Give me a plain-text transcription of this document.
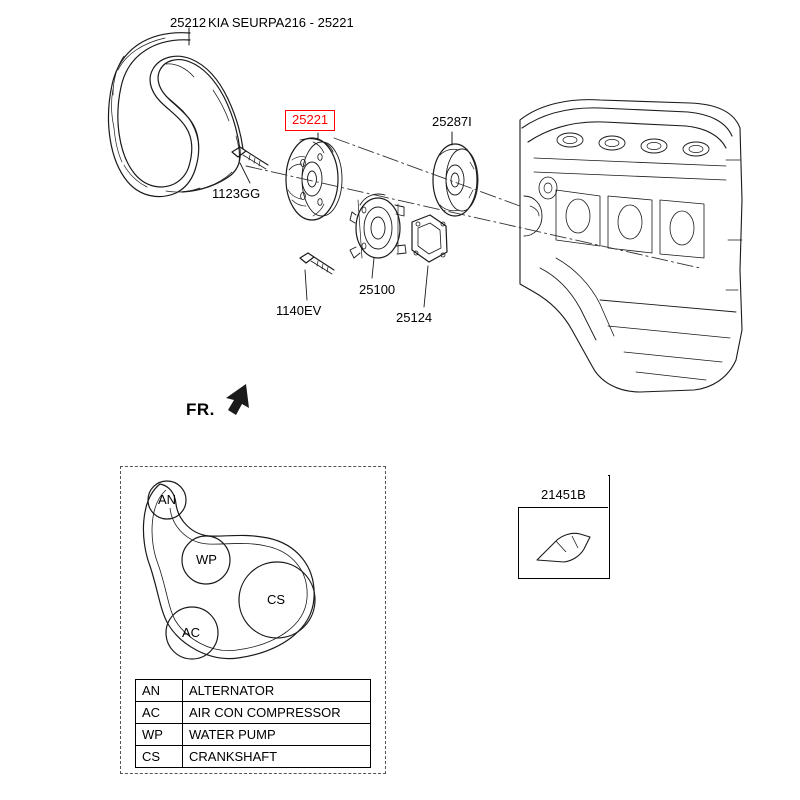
AN
WP
AC
CS
AN	ALTERNATOR
AC	AIR CON COMPRESSOR
WP	WATER PUMP
CS	CRANKSHAFT
21451B
25212 KIA SEURPA216 - 25221
25221	25287I
1123GG
25100
1140EV	25124
FR.
